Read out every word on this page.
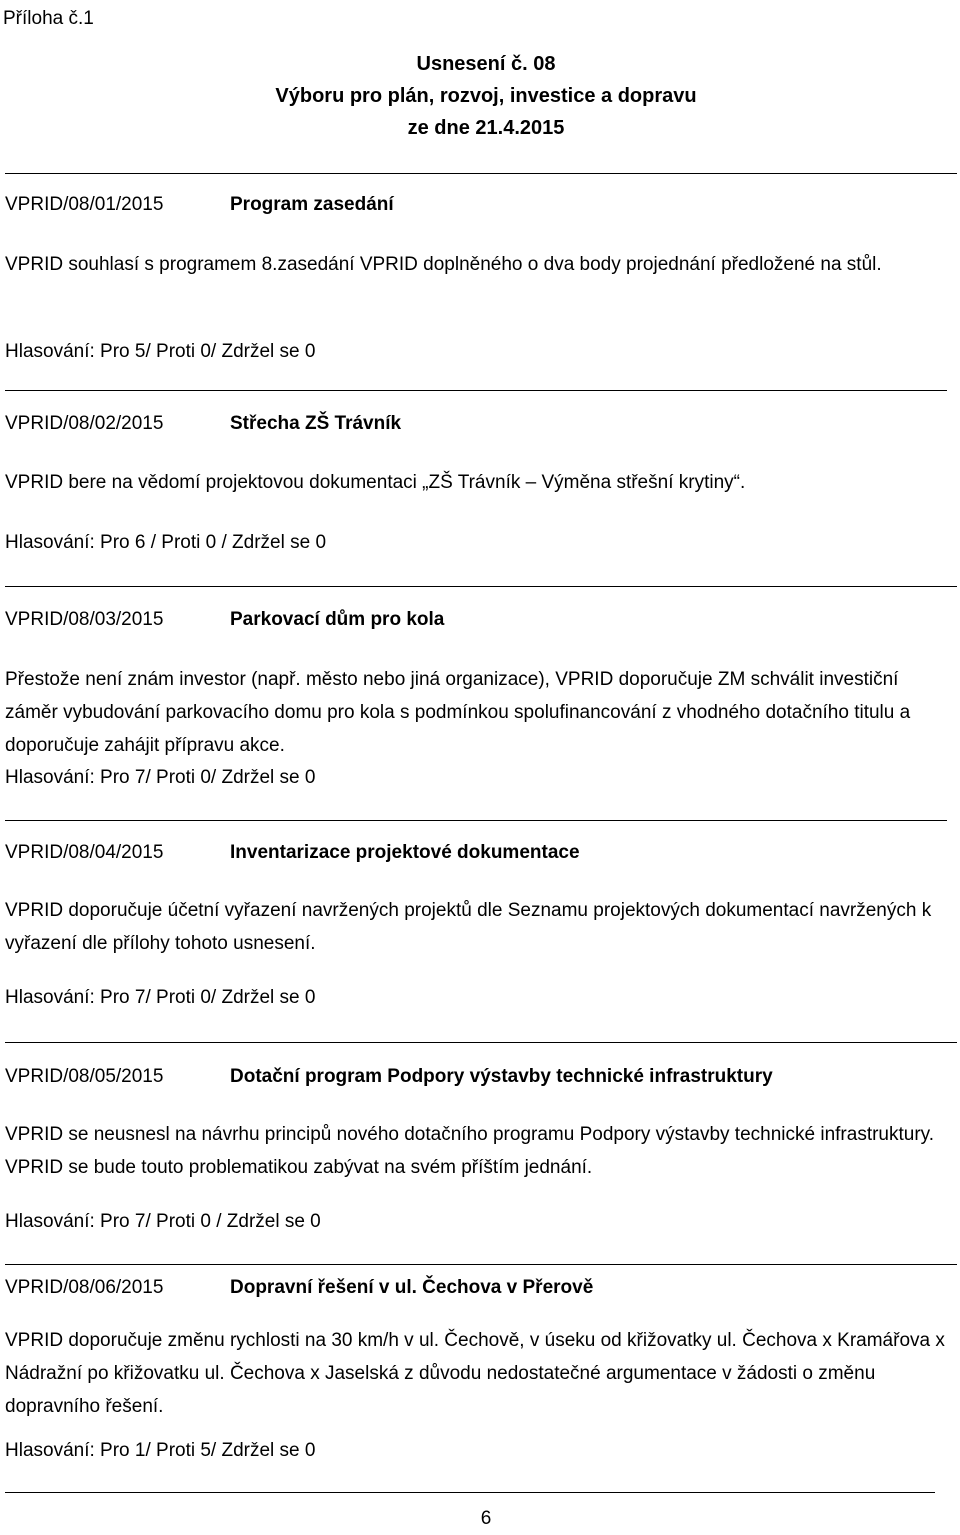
Příloha č.1
Usnesení č. 08
Výboru pro plán, rozvoj, investice a dopravu
ze dne 21.4.2015
VPRID/08/01/2015	Program zasedání
VPRID souhlasí s programem 8.zasedání VPRID doplněného o dva body projednání předložené na stůl.
Hlasování: Pro 5/ Proti 0/ Zdržel se 0
VPRID/08/02/2015	Střecha ZŠ Trávník
VPRID bere na vědomí projektovou dokumentaci „ZŠ Trávník – Výměna střešní krytiny“.
Hlasování: Pro 6 / Proti 0 / Zdržel se 0
VPRID/08/03/2015	Parkovací dům pro kola
Přestože není znám investor (např. město nebo jiná organizace), VPRID doporučuje ZM schválit investiční záměr vybudování parkovacího domu pro kola s podmínkou spolufinancování z vhodného dotačního titulu a doporučuje zahájit přípravu akce.
Hlasování: Pro 7/ Proti 0/ Zdržel se 0
VPRID/08/04/2015	Inventarizace projektové dokumentace
VPRID doporučuje účetní vyřazení navržených projektů dle Seznamu projektových dokumentací navržených k vyřazení dle přílohy tohoto usnesení.
Hlasování: Pro 7/ Proti 0/ Zdržel se 0
VPRID/08/05/2015	Dotační program Podpory výstavby technické infrastruktury
VPRID se neusnesl na návrhu principů nového dotačního programu Podpory výstavby technické infrastruktury. VPRID se bude touto problematikou zabývat na svém příštím jednání.
Hlasování: Pro 7/ Proti 0 / Zdržel se 0
VPRID/08/06/2015	Dopravní řešení v ul. Čechova v Přerově
VPRID doporučuje změnu rychlosti na 30 km/h v ul. Čechově, v úseku od křižovatky ul. Čechova x Kramářova x Nádražní po křižovatku ul. Čechova x Jaselská z důvodu nedostatečné argumentace v žádosti o změnu dopravního řešení.
Hlasování: Pro 1/ Proti 5/ Zdržel se 0
6
